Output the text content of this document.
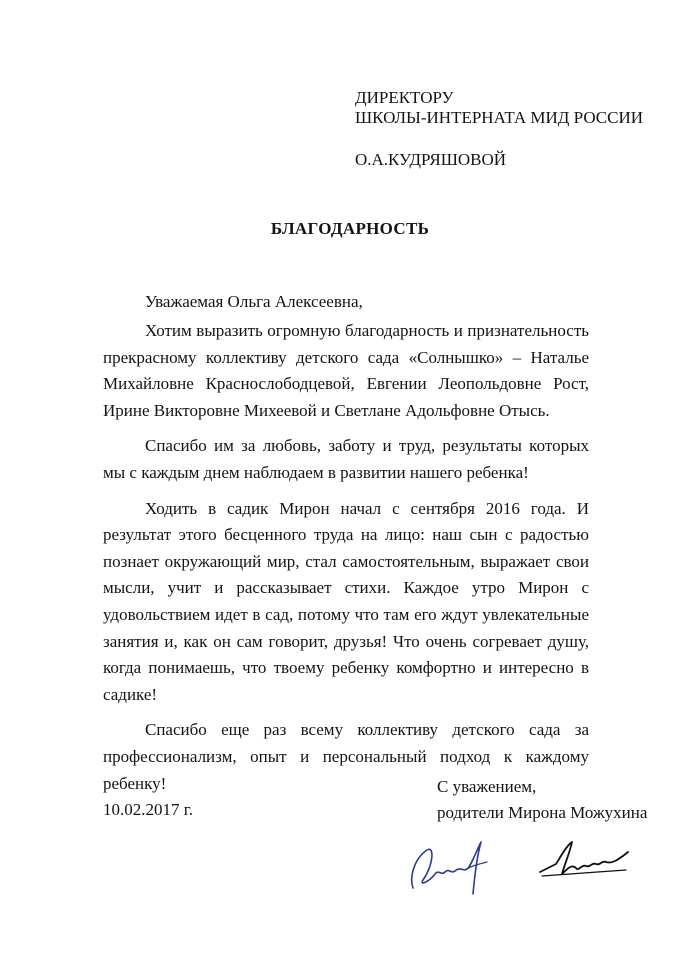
ДИРЕКТОРУ
ШКОЛЫ-ИНТЕРНАТА МИД РОССИИ
О.А.КУДРЯШОВОЙ
БЛАГОДАРНОСТЬ
Уважаемая Ольга Алексеевна,

Хотим выразить огромную благодарность и признательность прекрасному коллективу детского сада «Солнышко» – Наталье Михайловне Краснослободцевой, Евгении Леопольдовне Рост, Ирине Викторовне Михеевой и Светлане Адольфовне Отысь.

Спасибо им за любовь, заботу и труд, результаты которых мы с каждым днем наблюдаем в развитии нашего ребенка!

Ходить в садик Мирон начал с сентября 2016 года. И результат этого бесценного труда на лицо: наш сын с радостью познает окружающий мир, стал самостоятельным, выражает свои мысли, учит и рассказывает стихи. Каждое утро Мирон с удовольствием идет в сад, потому что там его ждут увлекательные занятия и, как он сам говорит, друзья! Что очень согревает душу, когда понимаешь, что твоему ребенку комфортно и интересно в садике!

Спасибо еще раз всему коллективу детского сада за профессионализм, опыт и персональный подход к каждому ребенку!

10.02.2017 г.
С уважением,
родители Мирона Можухина
